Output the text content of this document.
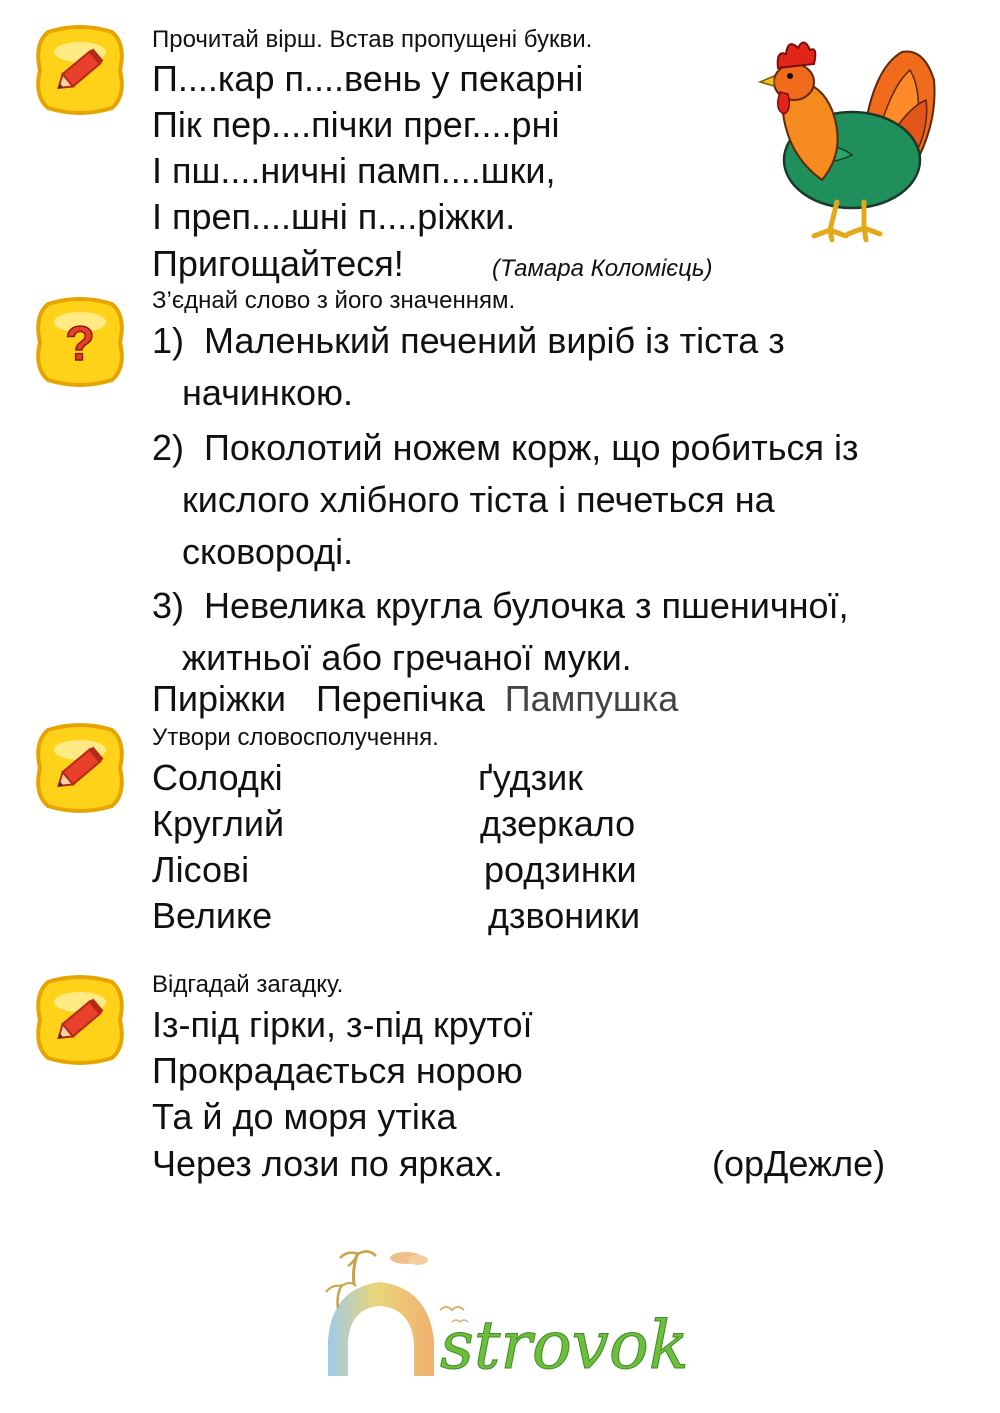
Прочитай вірш. Встав пропущені букви.
П....кар п....вень у пекарні
Пік пер....пічки прег....рні
І пш....ничні памп....шки,
І преп....шні п....ріжки.
Пригощайтеся!	(Тамара Коломієць)
?
З’єднай слово з його значенням.
1) Маленький печений виріб із тіста з
начинкою.
2) Поколотий ножем корж, що робиться із
кислого хлібного тіста і печеться на
сковороді.
3) Невелика кругла булочка з пшеничної,
житньої або гречаної муки.
Пиріжки Перепічка Пампушка
Утвори словосполучення.
Солодкі
Круглий
Лісові
Велике
ґудзик
дзеркало
родзинки
дзвоники
Відгадай загадку.
Із-під гірки, з-під крутої
Прокрадається норою
Та й до моря утіка
Через лози по ярках.	(орДежле)
strovok
